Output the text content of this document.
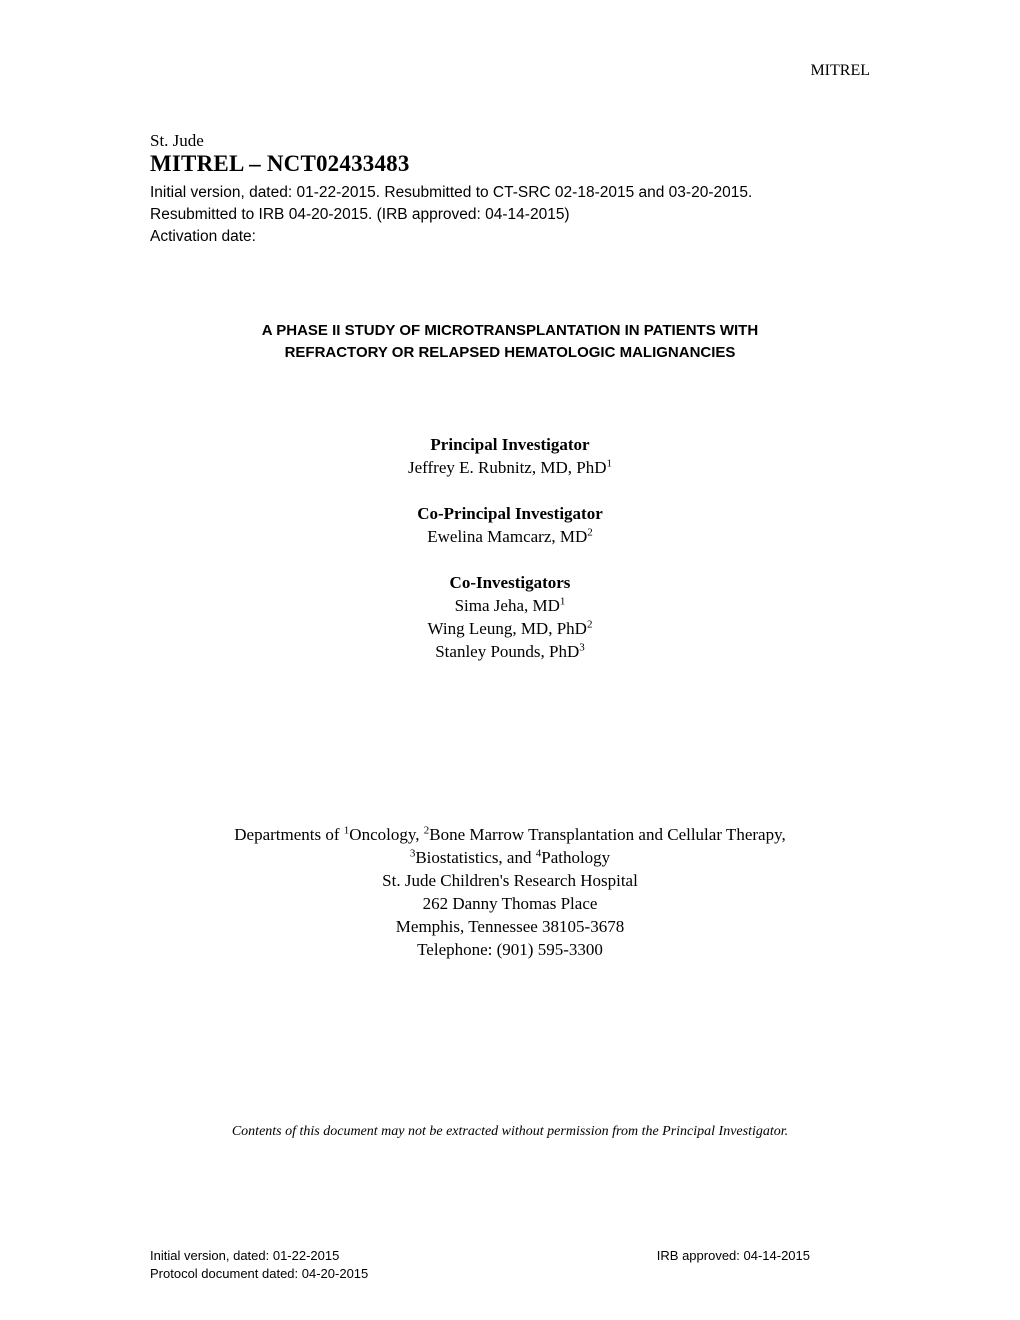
MITREL
St. Jude
MITREL – NCT02433483
Initial version, dated: 01-22-2015. Resubmitted to CT-SRC 02-18-2015 and 03-20-2015.
Resubmitted to IRB 04-20-2015. (IRB approved: 04-14-2015)
Activation date:
A PHASE II STUDY OF MICROTRANSPLANTATION IN PATIENTS WITH
REFRACTORY OR RELAPSED HEMATOLOGIC MALIGNANCIES
Principal Investigator
Jeffrey E. Rubnitz, MD, PhD$^1$
Co-Principal Investigator
Ewelina Mamcarz, $MD^2$
Co-Investigators
Sima Jeha, $MD^1$
Wing Leung, MD, PhD$^2$
Stanley Pounds, PhD$^3$
Departments of $^1$Oncology, $^2$Bone Marrow Transplantation and Cellular Therapy,
$^3$Biostatistics, and $^4$Pathology
St. Jude Children's Research Hospital
262 Danny Thomas Place
Memphis, Tennessee 38105-3678
Telephone: (901) 595-3300
Contents of this document may not be extracted without permission from the Principal Investigator.
Initial version, dated: 01-22-2015
Protocol document dated: 04-20-2015
IRB approved: 04-14-2015
